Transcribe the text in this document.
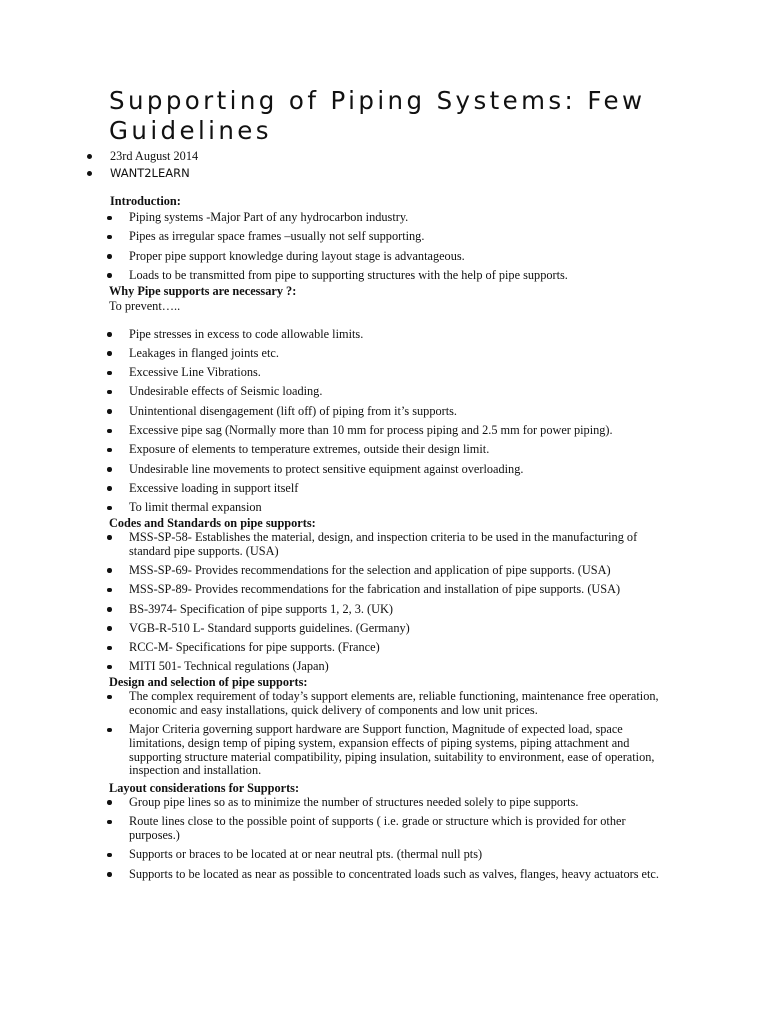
Supporting of Piping Systems: Few Guidelines
23rd August 2014
WANT2LEARN

Introduction:

Piping systems -Major Part of any hydrocarbon industry.
Pipes as irregular space frames –usually not self supporting.
Proper pipe support knowledge during layout stage is advantageous.
Loads to be transmitted from pipe to supporting structures with the help of pipe supports.

Why Pipe supports are necessary ?:

To prevent…..

Pipe stresses in excess to code allowable limits.
Leakages in flanged joints etc.
Excessive Line Vibrations.
Undesirable effects of Seismic loading.
Unintentional disengagement (lift off) of piping from it’s supports.
Excessive pipe sag (Normally more than 10 mm for process piping and 2.5 mm for power piping).
Exposure of elements to temperature extremes, outside their design limit.
Undesirable line movements to protect sensitive equipment against overloading.
Excessive loading in support itself
To limit thermal expansion

Codes and Standards on pipe supports:

MSS-SP-58- Establishes the material, design, and inspection criteria to be used in the manufacturing of standard pipe supports. (USA)
MSS-SP-69- Provides recommendations for the selection and application of pipe supports. (USA)
MSS-SP-89- Provides recommendations for the fabrication and installation of pipe supports. (USA)
BS-3974- Specification of pipe supports 1, 2, 3. (UK)
VGB-R-510 L- Standard supports guidelines. (Germany)
RCC-M- Specifications for pipe supports. (France)
MITI 501- Technical regulations (Japan)

Design and selection of pipe supports:

The complex requirement of today’s support elements are, reliable functioning, maintenance free operation, economic and easy installations, quick delivery of components and low unit prices.
Major Criteria governing support hardware are Support function, Magnitude of expected load, space limitations, design temp of piping system, expansion effects of piping systems, piping attachment and supporting structure material compatibility, piping insulation, suitability to environment, ease of operation, inspection and installation.

Layout considerations for Supports:

Group pipe lines so as to minimize the number of structures needed solely to pipe supports.
Route lines close to the possible point of supports ( i.e. grade or structure which is provided for other purposes.)
Supports or braces to be located at or near neutral pts. (thermal null pts)
Supports to be located as near as possible to concentrated loads such as valves, flanges, heavy actuators etc.
